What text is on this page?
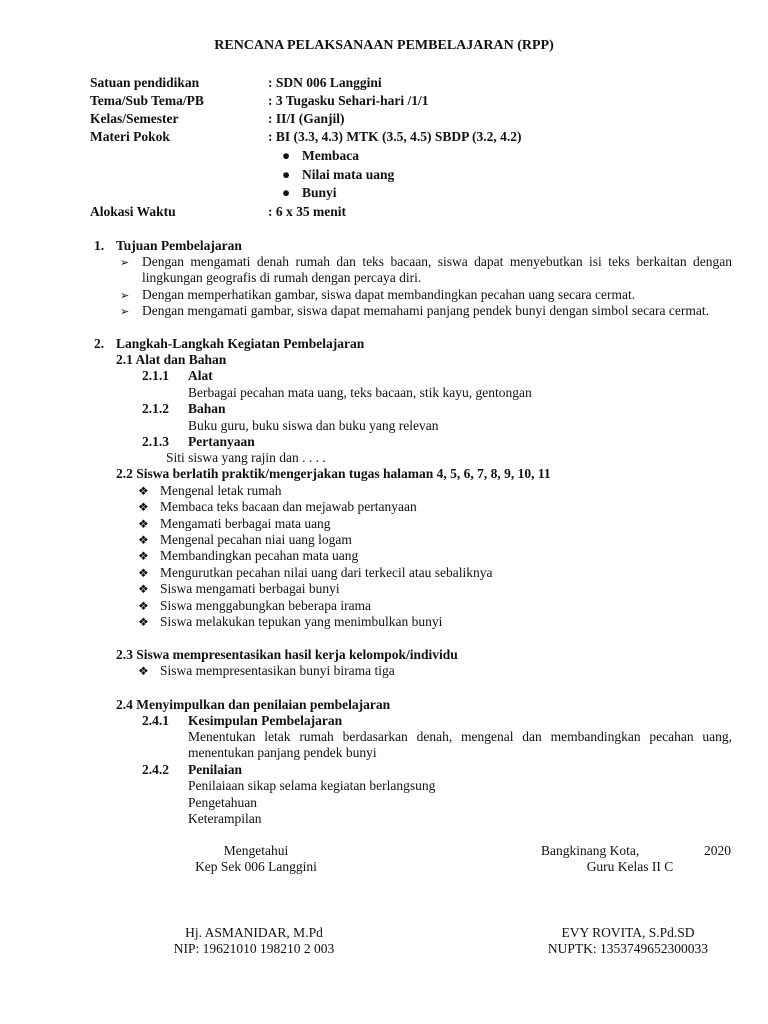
RENCANA PELAKSANAAN PEMBELAJARAN (RPP)
Satuan pendidikan	: SDN 006 Langgini
Tema/Sub Tema/PB	: 3 Tugasku Sehari-hari /1/1
Kelas/Semester	: II/I (Ganjil)
Materi Pokok	: BI (3.3, 4.3) MTK (3.5, 4.5) SBDP (3.2, 4.2)
● Membaca
● Nilai mata uang
● Bunyi
Alokasi Waktu	: 6 x 35 menit
1. Tujuan Pembelajaran
➢ Dengan mengamati denah rumah dan teks bacaan, siswa dapat menyebutkan isi teks berkaitan dengan
lingkungan geografis di rumah dengan percaya diri.
➢ Dengan memperhatikan gambar, siswa dapat membandingkan pecahan uang secara cermat.
➢ Dengan mengamati gambar, siswa dapat memahami panjang pendek bunyi dengan simbol secara cermat.
2. Langkah-Langkah Kegiatan Pembelajaran
2.1 Alat dan Bahan
2.1.1 Alat
Berbagai pecahan mata uang, teks bacaan, stik kayu, gentongan
2.1.2 Bahan
Buku guru, buku siswa dan buku yang relevan
2.1.3 Pertanyaan
Siti siswa yang rajin dan . . . .
2.2 Siswa berlatih praktik/mengerjakan tugas halaman 4, 5, 6, 7, 8, 9, 10, 11
❖ Mengenal letak rumah
❖ Membaca teks bacaan dan mejawab pertanyaan
❖ Mengamati berbagai mata uang
❖ Mengenal pecahan niai uang logam
❖ Membandingkan pecahan mata uang
❖ Mengurutkan pecahan nilai uang dari terkecil atau sebaliknya
❖ Siswa mengamati berbagai bunyi
❖ Siswa menggabungkan beberapa irama
❖ Siswa melakukan tepukan yang menimbulkan bunyi
2.3 Siswa mempresentasikan hasil kerja kelompok/individu
❖ Siswa mempresentasikan bunyi birama tiga
2.4 Menyimpulkan dan penilaian pembelajaran
2.4.1 Kesimpulan Pembelajaran
Menentukan letak rumah berdasarkan denah, mengenal dan membandingkan pecahan uang,
menentukan panjang pendek bunyi
2.4.2 Penilaian
Penilaiaan sikap selama kegiatan berlangsung
Pengetahuan
Keterampilan
Mengetahui
Kep Sek 006 Langgini
Hj. ASMANIDAR, M.Pd
NIP: 19621010 198210 2 003
Bangkinang Kota,	2020
Guru Kelas II C
EVY ROVITA, S.Pd.SD
NUPTK: 1353749652300033
